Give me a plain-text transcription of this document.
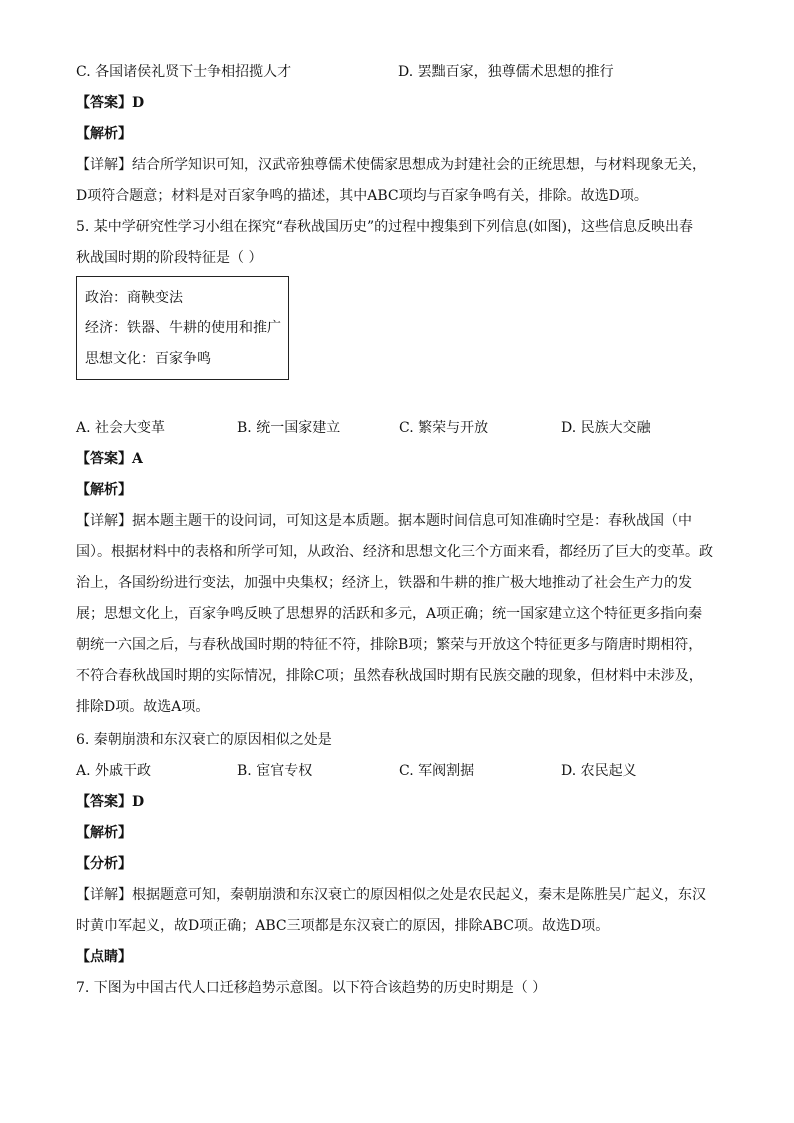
C. 各国诸侯礼贤下士争相招揽人才	D. 罢黜百家，独尊儒术思想的推行
【答案】D
【解析】
【详解】结合所学知识可知，汉武帝独尊儒术使儒家思想成为封建社会的正统思想，与材料现象无关，
D项符合题意；材料是对百家争鸣的描述，其中ABC项均与百家争鸣有关，排除。故选D项。
5. 某中学研究性学习小组在探究“春秋战国历史”的过程中搜集到下列信息(如图)，这些信息反映出春
秋战国时期的阶段特征是（ ）
政治：商鞅变法
经济：铁器、牛耕的使用和推广
思想文化：百家争鸣
A. 社会大变革	B. 统一国家建立	C. 繁荣与开放	D. 民族大交融
【答案】A
【解析】
【详解】据本题主题干的设问词，可知这是本质题。据本题时间信息可知准确时空是：春秋战国（中
国）。根据材料中的表格和所学可知，从政治、经济和思想文化三个方面来看，都经历了巨大的变革。政
治上，各国纷纷进行变法，加强中央集权；经济上，铁器和牛耕的推广极大地推动了社会生产力的发
展；思想文化上，百家争鸣反映了思想界的活跃和多元，A项正确；统一国家建立这个特征更多指向秦
朝统一六国之后，与春秋战国时期的特征不符，排除B项；繁荣与开放这个特征更多与隋唐时期相符，
不符合春秋战国时期的实际情况，排除C项；虽然春秋战国时期有民族交融的现象，但材料中未涉及，
排除D项。故选A项。
6. 秦朝崩溃和东汉衰亡的原因相似之处是
A. 外戚干政	B. 宦官专权	C. 军阀割据	D. 农民起义
【答案】D
【解析】
【分析】
【详解】根据题意可知，秦朝崩溃和东汉衰亡的原因相似之处是农民起义，秦末是陈胜吴广起义，东汉
时黄巾军起义，故D项正确；ABC三项都是东汉衰亡的原因，排除ABC项。故选D项。
【点睛】
7. 下图为中国古代人口迁移趋势示意图。以下符合该趋势的历史时期是（ ）
